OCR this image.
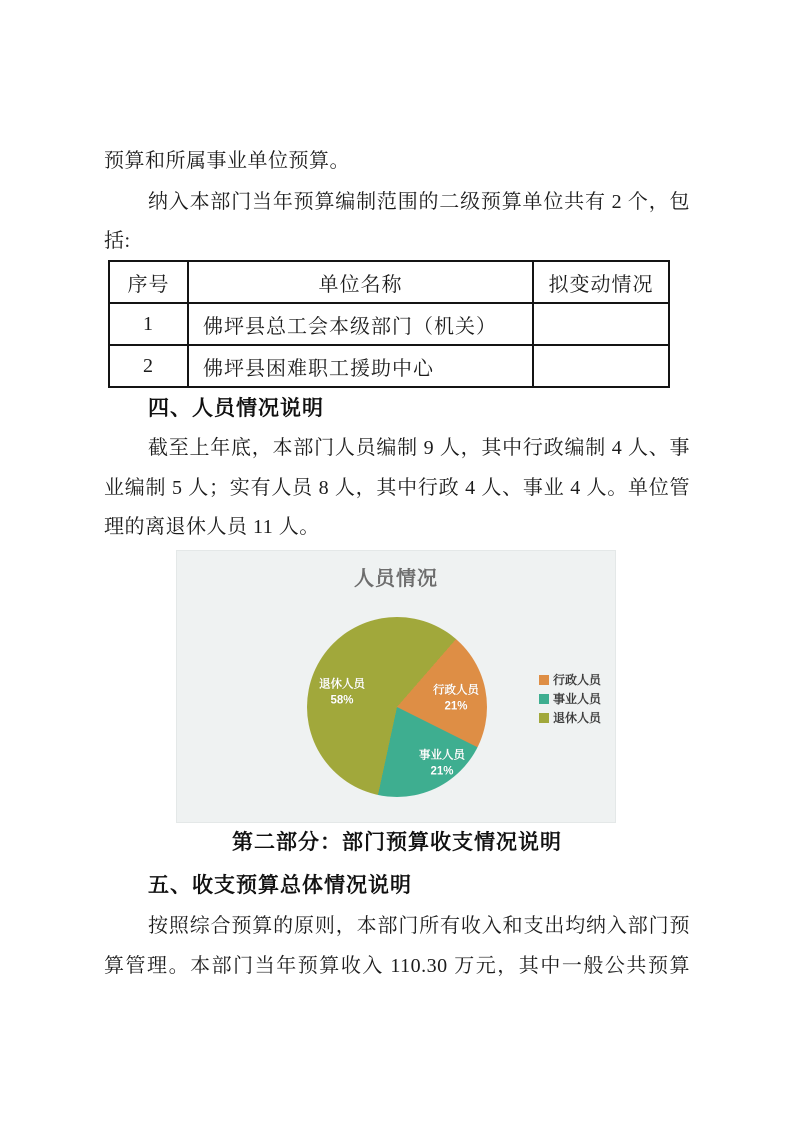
预算和所属事业单位预算。
纳入本部门当年预算编制范围的二级预算单位共有 2 个，包
括:
序号	单位名称	拟变动情况
1	佛坪县总工会本级部门（机关）	
2	佛坪县困难职工援助中心	
四、人员情况说明
截至上年底，本部门人员编制 9 人，其中行政编制 4 人、事
业编制 5 人；实有人员 8 人，其中行政 4 人、事业 4 人。单位管
理的离退休人员 11 人。
人员情况
行政人员
21%
事业人员
21%
退休人员
58%
行政人员
事业人员
退休人员
第二部分：部门预算收支情况说明
五、收支预算总体情况说明
按照综合预算的原则，本部门所有收入和支出均纳入部门预
算管理。本部门当年预算收入 110.30 万元，其中一般公共预算
